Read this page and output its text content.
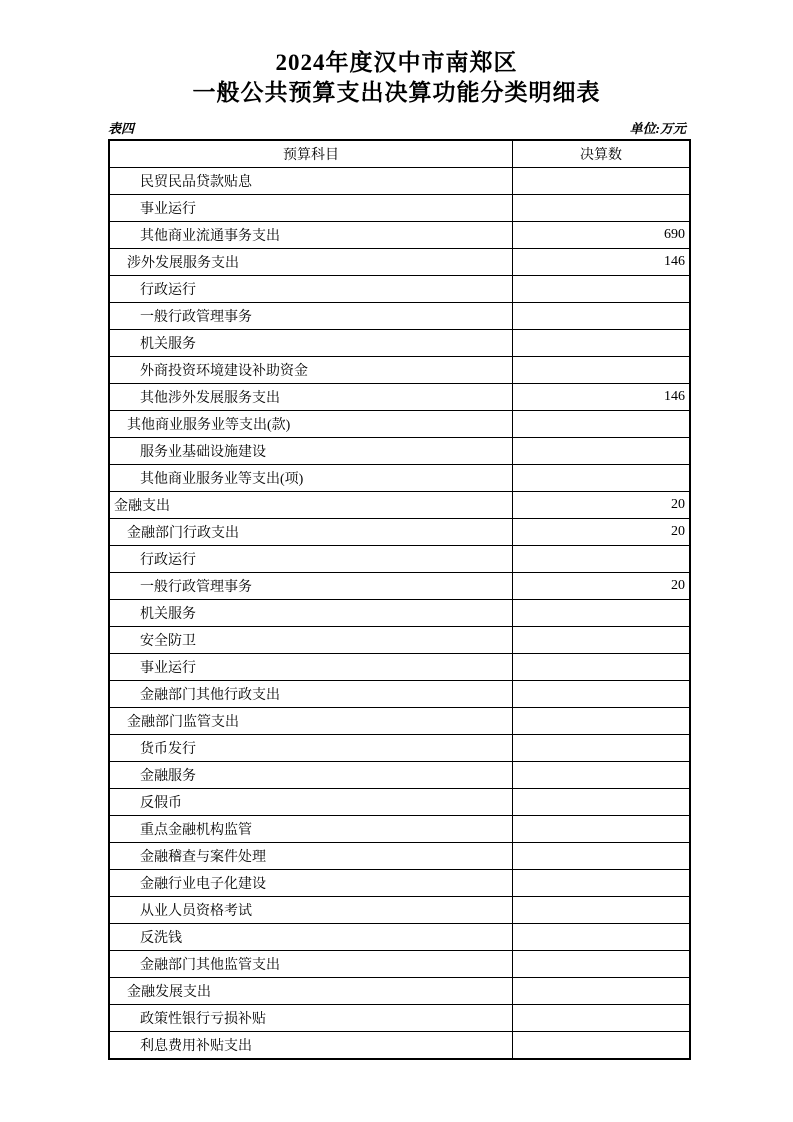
2024年度汉中市南郑区
一般公共预算支出决算功能分类明细表
表四	单位:万元
预算科目	决算数
民贸民品贷款贴息	
事业运行	
其他商业流通事务支出	690
涉外发展服务支出	146
行政运行	
一般行政管理事务	
机关服务	
外商投资环境建设补助资金	
其他涉外发展服务支出	146
其他商业服务业等支出(款)	
服务业基础设施建设	
其他商业服务业等支出(项)	
金融支出	20
金融部门行政支出	20
行政运行	
一般行政管理事务	20
机关服务	
安全防卫	
事业运行	
金融部门其他行政支出	
金融部门监管支出	
货币发行	
金融服务	
反假币	
重点金融机构监管	
金融稽查与案件处理	
金融行业电子化建设	
从业人员资格考试	
反洗钱	
金融部门其他监管支出	
金融发展支出	
政策性银行亏损补贴	
利息费用补贴支出	
